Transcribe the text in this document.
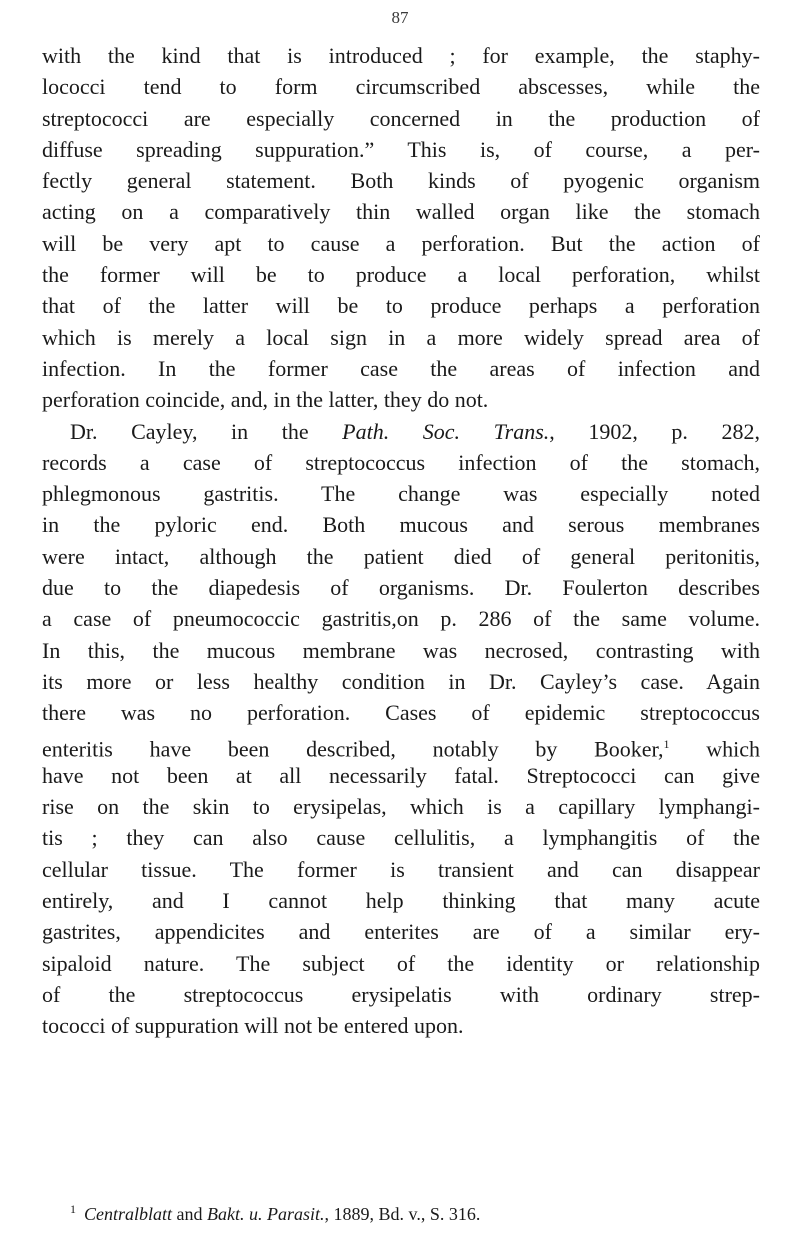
87
with the kind that is introduced ; for example, the staphy-
lococci tend to form circumscribed abscesses, while the
streptococci are especially concerned in the production of
diffuse spreading suppuration.” This is, of course, a per-
fectly general statement. Both kinds of pyogenic organism
acting on a comparatively thin walled organ like the stomach
will be very apt to cause a perforation. But the action of
the former will be to produce a local perforation, whilst
that of the latter will be to produce perhaps a perforation
which is merely a local sign in a more widely spread area of
infection. In the former case the areas of infection and
perforation coincide, and, in the latter, they do not.
Dr. Cayley, in the Path. Soc. Trans., 1902, p. 282,
records a case of streptococcus infection of the stomach,
phlegmonous gastritis. The change was especially noted
in the pyloric end. Both mucous and serous membranes
were intact, although the patient died of general peritonitis,
due to the diapedesis of organisms. Dr. Foulerton describes
a case of pneumococcic gastritis,on p. 286 of the same volume.
In this, the mucous membrane was necrosed, contrasting with
its more or less healthy condition in Dr. Cayley’s case. Again
there was no perforation. Cases of epidemic streptococcus
enteritis have been described, notably by Booker,$^1$ which
have not been at all necessarily fatal. Streptococci can give
rise on the skin to erysipelas, which is a capillary lymphangi-
tis ; they can also cause cellulitis, a lymphangitis of the
cellular tissue. The former is transient and can disappear
entirely, and I cannot help thinking that many acute
gastrites, appendicites and enterites are of a similar ery-
sipaloid nature. The subject of the identity or relationship
of the streptococcus erysipelatis with ordinary strep-
tococci of suppuration will not be entered upon.
$^1$ Centralblatt and Bakt. u. Parasit., 1889, Bd. v., S. 316.
